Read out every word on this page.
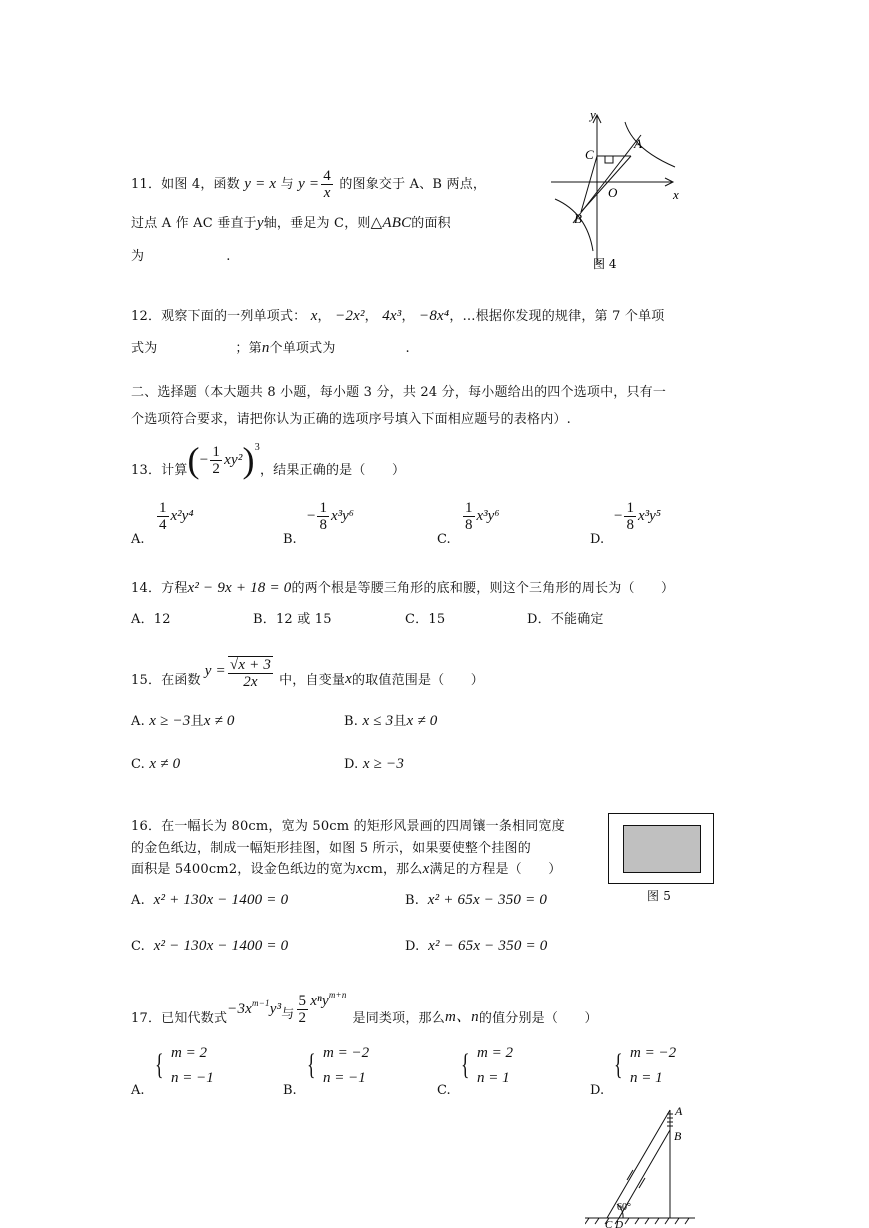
11．如图 4，函数 y = x 与 $y = \frac{4}{x}$ 的图象交于 A、B 两点，
过点 A 作 AC 垂直于y轴，垂足为 C，则△ABC的面积
为	.
y
x
A
B
C
O
图 4
12．观察下面的一列单项式： x， −2x²， 4x³， −8x⁴，…根据你发现的规律，第 7 个单项
式为	；第n个单项式为	.
二、选择题（本大题共 8 小题，每小题 3 分，共 24 分，每小题给出的四个选项中，只有一
个选项符合要求，请把你认为正确的选项序号填入下面相应题号的表格内）.
13．计算 ( − $\frac{1}{2} xy^2$ ) 3
，结果正确的是（　　）
A.
$\frac{1}{4} x^2y^4$
B.
− $\frac{1}{8} x^3y^6$
C.
$\frac{1}{8} x^3y^6$
D.
− $\frac{1}{8} x^3y^5$
14．方程x² − 9x + 18 = 0的两个根是等腰三角形的底和腰，则这个三角形的周长为（　　）
A．12	B．12 或 15	C．15	D．不能确定
15．在函数
$y = \frac{√x + 3}{2x}$ 中，自变量 x 的取值范围是（　　）
A. x ≥ −3且x ≠ 0	B. x ≤ 3且x ≠ 0
C. x ≠ 0	D. x ≥ −3
16．在一幅长为 80cm，宽为 50cm 的矩形风景画的四周镶一条相同宽度
的金色纸边，制成一幅矩形挂图，如图 5 所示，如果要使整个挂图的
面积是 5400cm2，设金色纸边的宽为xcm，那么x满足的方程是（　　）
图 5
A. x² + 130x − 1400 = 0	B. x² + 65x − 350 = 0
C. x² − 130x − 1400 = 0	D. x² − 65x − 350 = 0
17．已知代数式
$-3x^{m-1}y^3$ 与 $\frac{5}{2} x^ny^{m+n}$
是同类项，那么 m、n 的值分别是（　　）
A.
{ m = 2
n = −1
B.
{ m = −2
n = −1
C.
{ m = 2
n = 1
D.
{ m = −2
n = 1
A
B
60°
C D
